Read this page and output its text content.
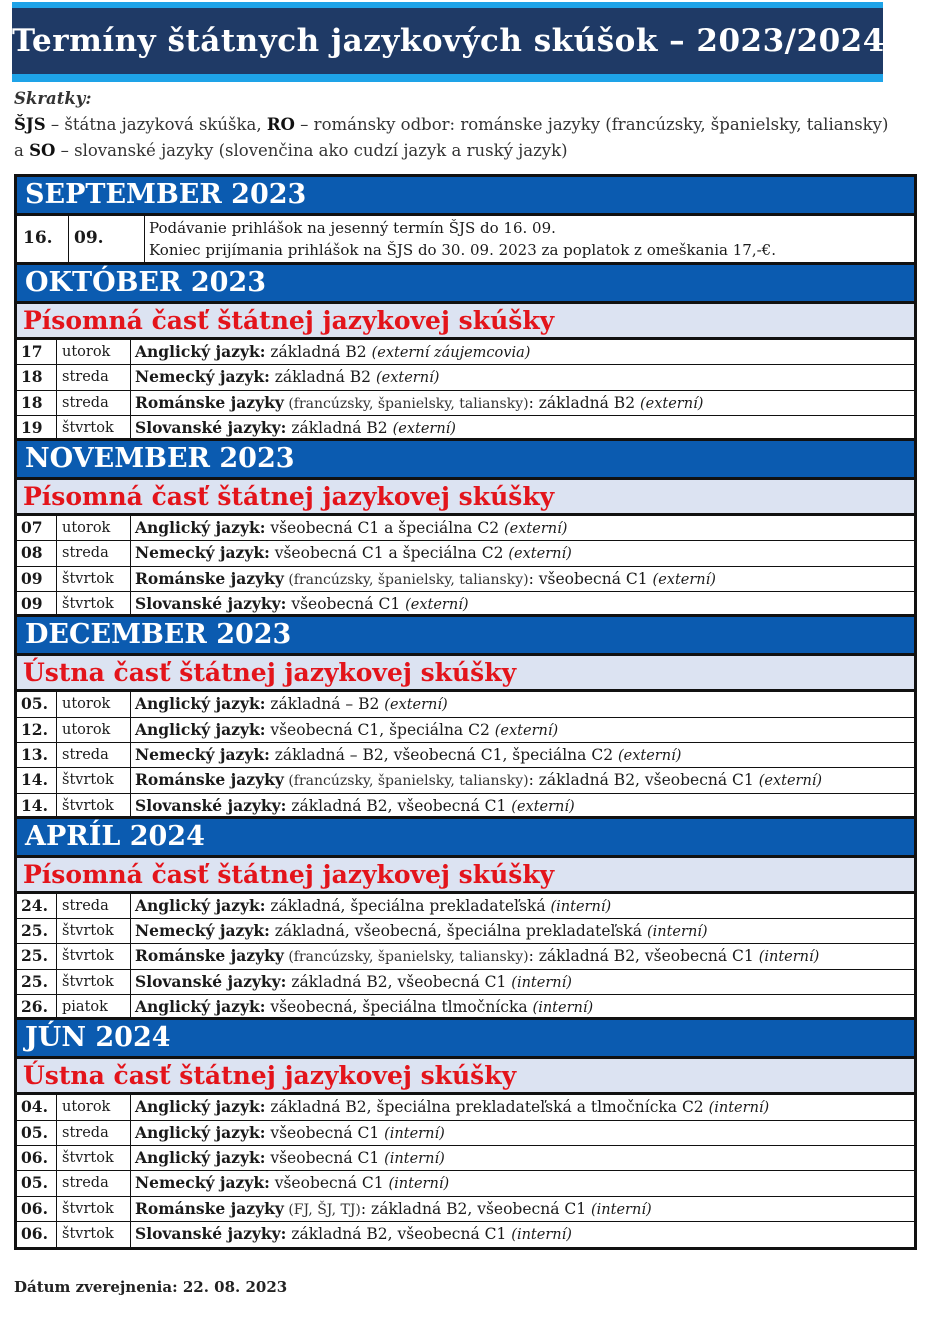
Termíny štátnych jazykových skúšok – 2023/2024
Skratky:
ŠJS – štátna jazyková skúška, RO – románsky odbor: románske jazyky (francúzsky, španielsky, taliansky) a SO – slovanské jazyky (slovenčina ako cudzí jazyk a ruský jazyk)
SEPTEMBER 2023
16.	09.	Podávanie prihlášok na jesenný termín ŠJS do 16. 09.
Koniec prijímania prihlášok na ŠJS do 30. 09. 2023 za poplatok z omeškania 17,-€.
OKTÓBER 2023
Písomná časť štátnej jazykovej skúšky
17	utorok	Anglický jazyk: základná B2 (externí záujemcovia)
18	streda	Nemecký jazyk: základná B2 (externí)
18	streda	Románske jazyky (francúzsky, španielsky, taliansky): základná B2 (externí)
19	štvrtok	Slovanské jazyky: základná B2 (externí)
NOVEMBER 2023
Písomná časť štátnej jazykovej skúšky
07	utorok	Anglický jazyk: všeobecná C1 a špeciálna C2 (externí)
08	streda	Nemecký jazyk: všeobecná C1 a špeciálna C2 (externí)
09	štvrtok	Románske jazyky (francúzsky, španielsky, taliansky): všeobecná C1 (externí)
09	štvrtok	Slovanské jazyky: všeobecná C1 (externí)
DECEMBER 2023
Ústna časť štátnej jazykovej skúšky
05. utorok	Anglický jazyk: základná – B2 (externí)
12. utorok	Anglický jazyk: všeobecná C1, špeciálna C2 (externí)
13. streda	Nemecký jazyk: základná – B2, všeobecná C1, špeciálna C2 (externí)
14. štvrtok	Románske jazyky (francúzsky, španielsky, taliansky): základná B2, všeobecná C1 (externí)
14. štvrtok	Slovanské jazyky: základná B2, všeobecná C1 (externí)
APRÍL 2024
Písomná časť štátnej jazykovej skúšky
24. streda	Anglický jazyk: základná, špeciálna prekladateľská (interní)
25. štvrtok	Nemecký jazyk: základná, všeobecná, špeciálna prekladateľská (interní)
25. štvrtok	Románske jazyky (francúzsky, španielsky, taliansky): základná B2, všeobecná C1 (interní)
25. štvrtok	Slovanské jazyky: základná B2, všeobecná C1 (interní)
26. piatok	Anglický jazyk: všeobecná, špeciálna tlmočnícka (interní)
JÚN 2024
Ústna časť štátnej jazykovej skúšky
04. utorok	Anglický jazyk: základná B2, špeciálna prekladateľská a tlmočnícka C2 (interní)
05. streda	Anglický jazyk: všeobecná C1 (interní)
06. štvrtok	Anglický jazyk: všeobecná C1 (interní)
05. streda	Nemecký jazyk: všeobecná C1 (interní)
06. štvrtok	Románske jazyky (FJ, ŠJ, TJ): základná B2, všeobecná C1 (interní)
06. štvrtok	Slovanské jazyky: základná B2, všeobecná C1 (interní)
Dátum zverejnenia: 22. 08. 2023
